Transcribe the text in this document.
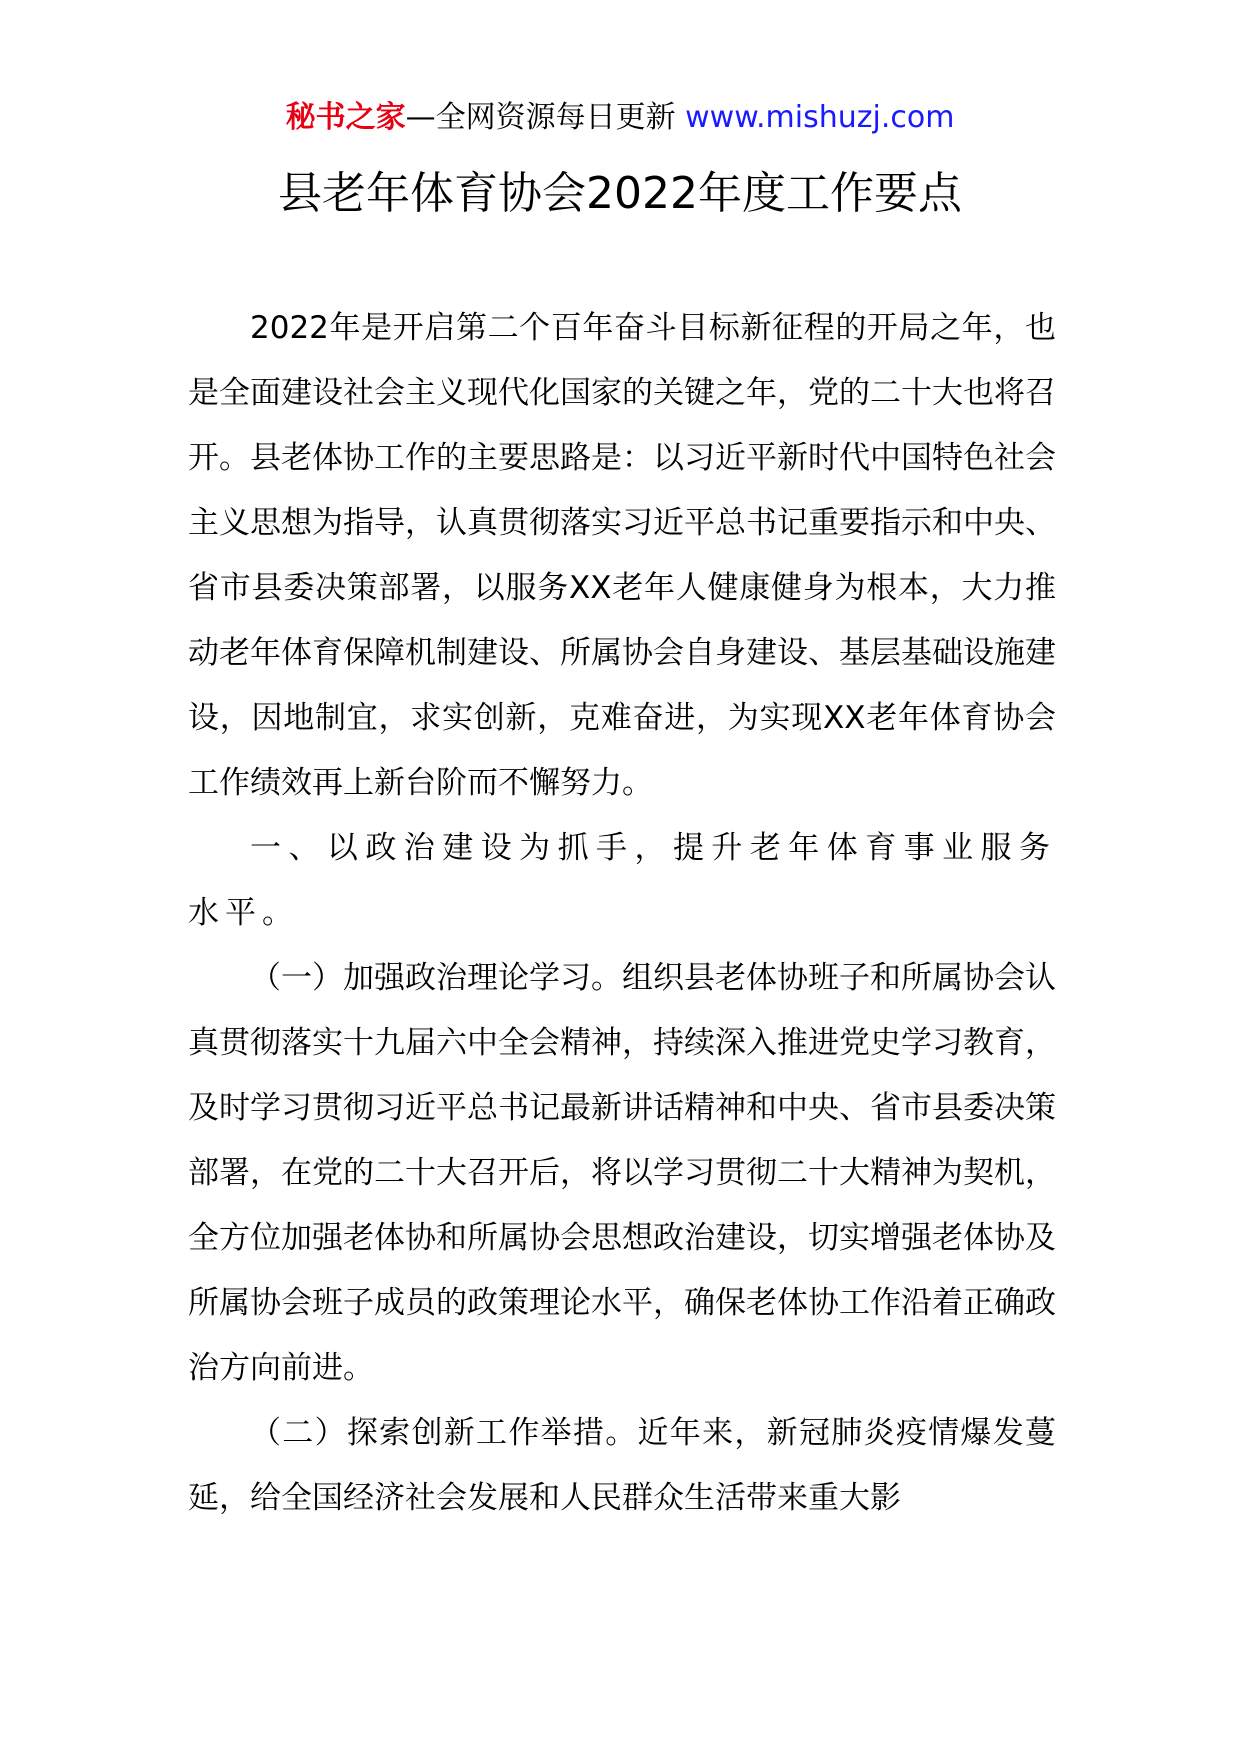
秘书之家—全网资源每日更新 www.mishuzj.com
县老年体育协会2022年度工作要点

2022年是开启第二个百年奋斗目标新征程的开局之年，也是全面建设社会主义现代化国家的关键之年，党的二十大也将召开。县老体协工作的主要思路是：以习近平新时代中国特色社会主义思想为指导，认真贯彻落实习近平总书记重要指示和中央、省市县委决策部署，以服务XX老年人健康健身为根本，大力推动老年体育保障机制建设、所属协会自身建设、基层基础设施建设，因地制宜，求实创新，克难奋进，为实现XX老年体育协会工作绩效再上新台阶而不懈努力。

一、以政治建设为抓手，提升老年体育事业服务水平。

（一）加强政治理论学习。组织县老体协班子和所属协会认真贯彻落实十九届六中全会精神，持续深入推进党史学习教育，及时学习贯彻习近平总书记最新讲话精神和中央、省市县委决策部署，在党的二十大召开后，将以学习贯彻二十大精神为契机，全方位加强老体协和所属协会思想政治建设，切实增强老体协及所属协会班子成员的政策理论水平，确保老体协工作沿着正确政治方向前进。

（二）探索创新工作举措。近年来，新冠肺炎疫情爆发蔓延，给全国经济社会发展和人民群众生活带来重大影
